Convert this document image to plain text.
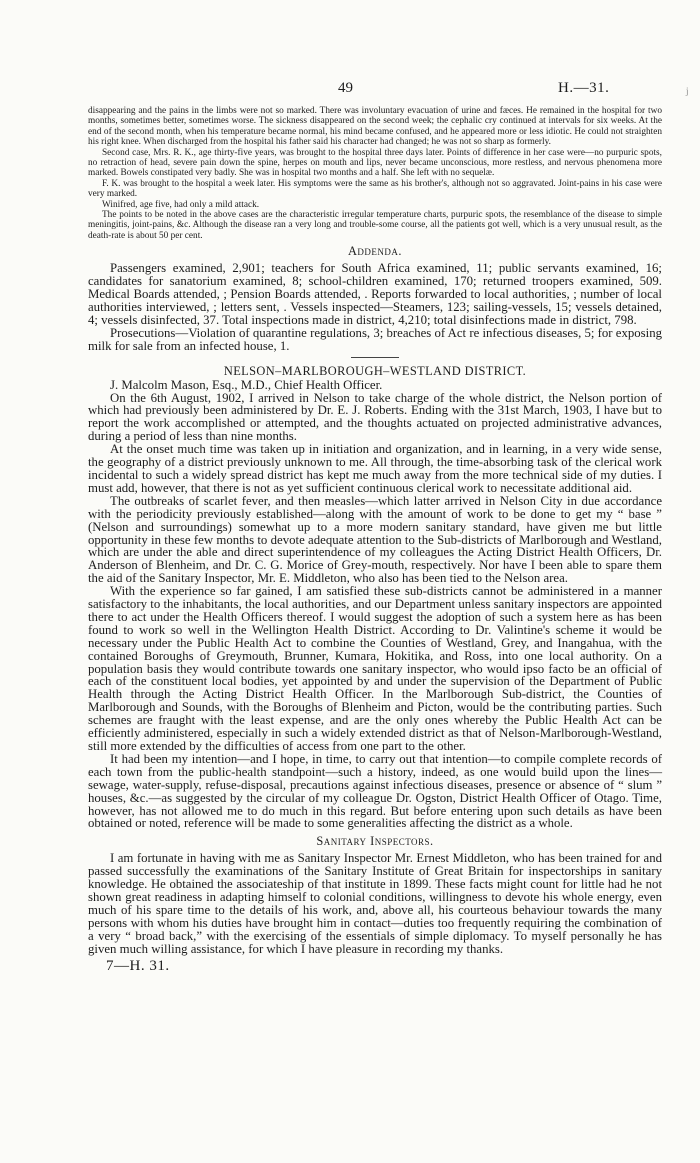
49	H.—31.	j

disappearing and the pains in the limbs were not so marked. There was involuntary evacuation of urine and fæces. He remained in the hospital for two months, sometimes better, sometimes worse. The sickness disappeared on the second week; the cephalic cry continued at intervals for six weeks. At the end of the second month, when his temperature became normal, his mind became confused, and he appeared more or less idiotic. He could not straighten his right knee. When discharged from the hospital his father said his character had changed; he was not so sharp as formerly.

Second case, Mrs. R. K., age thirty-five years, was brought to the hospital three days later. Points of difference in her case were—no purpuric spots, no retraction of head, severe pain down the spine, herpes on mouth and lips, never became unconscious, more restless, and nervous phenomena more marked. Bowels constipated very badly. She was in hospital two months and a half. She left with no sequelæ.

F. K. was brought to the hospital a week later. His symptoms were the same as his brother's, although not so aggravated. Joint-pains in his case were very marked.

Winifred, age five, had only a mild attack.

The points to be noted in the above cases are the characteristic irregular temperature charts, purpuric spots, the resemblance of the disease to simple meningitis, joint-pains, &c. Although the disease ran a very long and trouble-some course, all the patients got well, which is a very unusual result, as the death-rate is about 50 per cent.

Addenda.

Passengers examined, 2,901; teachers for South Africa examined, 11; public servants examined, 16; candidates for sanatorium examined, 8; school-children examined, 170; returned troopers examined, 509. Medical Boards attended, ; Pension Boards attended, . Reports forwarded to local authorities, ; number of local authorities interviewed, ; letters sent, . Vessels inspected—Steamers, 123; sailing-vessels, 15; vessels detained, 4; vessels disinfected, 37. Total inspections made in district, 4,210; total disinfections made in district, 798.

Prosecutions—Violation of quarantine regulations, 3; breaches of Act re infectious diseases, 5; for exposing milk for sale from an infected house, 1.

NELSON–MARLBOROUGH–WESTLAND DISTRICT.

J. Malcolm Mason, Esq., M.D., Chief Health Officer.

On the 6th August, 1902, I arrived in Nelson to take charge of the whole district, the Nelson portion of which had previously been administered by Dr. E. J. Roberts. Ending with the 31st March, 1903, I have but to report the work accomplished or attempted, and the thoughts actuated on projected administrative advances, during a period of less than nine months.

At the onset much time was taken up in initiation and organization, and in learning, in a very wide sense, the geography of a district previously unknown to me. All through, the time-absorbing task of the clerical work incidental to such a widely spread district has kept me much away from the more technical side of my duties. I must add, however, that there is not as yet sufficient continuous clerical work to necessitate additional aid.

The outbreaks of scarlet fever, and then measles—which latter arrived in Nelson City in due accordance with the periodicity previously established—along with the amount of work to be done to get my “ base ” (Nelson and surroundings) somewhat up to a more modern sanitary standard, have given me but little opportunity in these few months to devote adequate attention to the Sub-districts of Marlborough and Westland, which are under the able and direct superintendence of my colleagues the Acting District Health Officers, Dr. Anderson of Blenheim, and Dr. C. G. Morice of Grey-mouth, respectively. Nor have I been able to spare them the aid of the Sanitary Inspector, Mr. E. Middleton, who also has been tied to the Nelson area.

With the experience so far gained, I am satisfied these sub-districts cannot be administered in a manner satisfactory to the inhabitants, the local authorities, and our Department unless sanitary inspectors are appointed there to act under the Health Officers thereof. I would suggest the adoption of such a system here as has been found to work so well in the Wellington Health District. According to Dr. Valintine's scheme it would be necessary under the Public Health Act to combine the Counties of Westland, Grey, and Inangahua, with the contained Boroughs of Greymouth, Brunner, Kumara, Hokitika, and Ross, into one local authority. On a population basis they would contribute towards one sanitary inspector, who would ipso facto be an official of each of the constituent local bodies, yet appointed by and under the supervision of the Department of Public Health through the Acting District Health Officer. In the Marlborough Sub-district, the Counties of Marlborough and Sounds, with the Boroughs of Blenheim and Picton, would be the contributing parties. Such schemes are fraught with the least expense, and are the only ones whereby the Public Health Act can be efficiently administered, especially in such a widely extended district as that of Nelson-Marlborough-Westland, still more extended by the difficulties of access from one part to the other.

It had been my intention—and I hope, in time, to carry out that intention—to compile complete records of each town from the public-health standpoint—such a history, indeed, as one would build upon the lines—sewage, water-supply, refuse-disposal, precautions against infectious diseases, presence or absence of “ slum ” houses, &c.—as suggested by the circular of my colleague Dr. Ogston, District Health Officer of Otago. Time, however, has not allowed me to do much in this regard. But before entering upon such details as have been obtained or noted, reference will be made to some generalities affecting the district as a whole.

Sanitary Inspectors.

I am fortunate in having with me as Sanitary Inspector Mr. Ernest Middleton, who has been trained for and passed successfully the examinations of the Sanitary Institute of Great Britain for inspectorships in sanitary knowledge. He obtained the associateship of that institute in 1899. These facts might count for little had he not shown great readiness in adapting himself to colonial conditions, willingness to devote his whole energy, even much of his spare time to the details of his work, and, above all, his courteous behaviour towards the many persons with whom his duties have brought him in contact—duties too frequently requiring the combination of a very “ broad back,” with the exercising of the essentials of simple diplomacy. To myself personally he has given much willing assistance, for which I have pleasure in recording my thanks.

7—H. 31.
